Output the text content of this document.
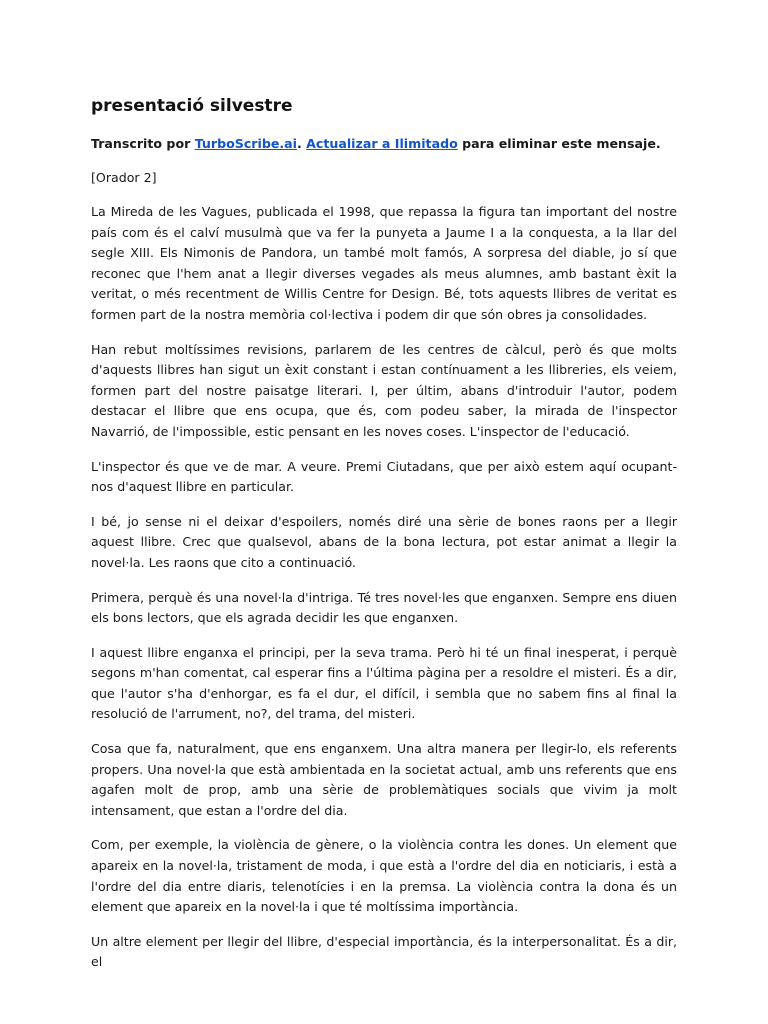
presentació silvestre

Transcrito por TurboScribe.ai. Actualizar a Ilimitado para eliminar este mensaje.

[Orador 2]

La Mireda de les Vagues, publicada el 1998, que repassa la figura tan important del nostre país com és el calví musulmà que va fer la punyeta a Jaume I a la conquesta, a la llar del segle XIII. Els Nimonis de Pandora, un també molt famós, A sorpresa del diable, jo sí que reconec que l'hem anat a llegir diverses vegades als meus alumnes, amb bastant èxit la veritat, o més recentment de Willis Centre for Design. Bé, tots aquests llibres de veritat es formen part de la nostra memòria col·lectiva i podem dir que són obres ja consolidades.

Han rebut moltíssimes revisions, parlarem de les centres de càlcul, però és que molts d'aquests llibres han sigut un èxit constant i estan contínuament a les llibreries, els veiem, formen part del nostre paisatge literari. I, per últim, abans d'introduir l'autor, podem destacar el llibre que ens ocupa, que és, com podeu saber, la mirada de l'inspector Navarrió, de l'impossible, estic pensant en les noves coses. L'inspector de l'educació.

L'inspector és que ve de mar. A veure. Premi Ciutadans, que per això estem aquí ocupant-nos d'aquest llibre en particular.

I bé, jo sense ni el deixar d'espoilers, només diré una sèrie de bones raons per a llegir aquest llibre. Crec que qualsevol, abans de la bona lectura, pot estar animat a llegir la novel·la. Les raons que cito a continuació.

Primera, perquè és una novel·la d'intriga. Té tres novel·les que enganxen. Sempre ens diuen els bons lectors, que els agrada decidir les que enganxen.

I aquest llibre enganxa el principi, per la seva trama. Però hi té un final inesperat, i perquè segons m'han comentat, cal esperar fins a l'última pàgina per a resoldre el misteri. És a dir, que l'autor s'ha d'enhorgar, es fa el dur, el difícil, i sembla que no sabem fins al final la resolució de l'arrument, no?, del trama, del misteri.

Cosa que fa, naturalment, que ens enganxem. Una altra manera per llegir-lo, els referents propers. Una novel·la que està ambientada en la societat actual, amb uns referents que ens agafen molt de prop, amb una sèrie de problemàtiques socials que vivim ja molt intensament, que estan a l'ordre del dia.

Com, per exemple, la violència de gènere, o la violència contra les dones. Un element que apareix en la novel·la, tristament de moda, i que està a l'ordre del dia en noticiaris, i està a l'ordre del dia entre diaris, telenotícies i en la premsa. La violència contra la dona és un element que apareix en la novel·la i que té moltíssima importància.

Un altre element per llegir del llibre, d'especial importància, és la interpersonalitat. És a dir, el
